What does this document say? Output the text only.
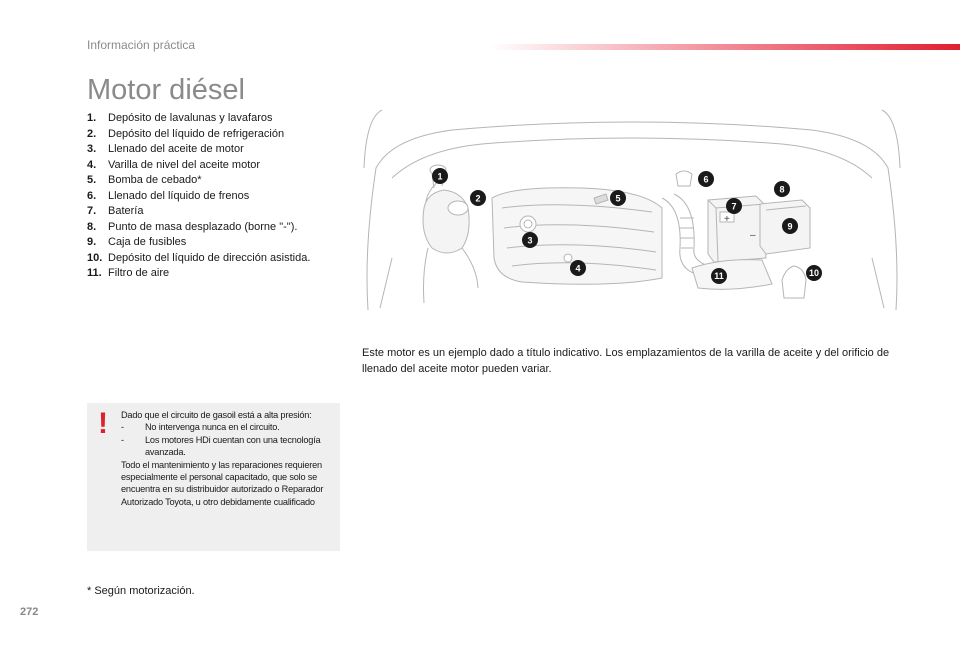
Información práctica
Motor diésel
1.	Depósito de lavalunas y lavafaros
2.	Depósito del líquido de refrigeración
3.	Llenado del aceite de motor
4.	Varilla de nivel del aceite motor
5.	Bomba de cebado*
6.	Llenado del líquido de frenos
7.	Batería
8.	Punto de masa desplazado (borne "-").
9.	Caja de fusibles
10. Depósito del líquido de dirección asistida.
11. Filtro de aire
+
–
1
2
3
4
5
6
7
8
9
10
11

Este motor es un ejemplo dado a título indicativo. Los emplazamientos de la varilla de aceite y del orificio de llenado del aceite motor pueden variar.

! Dado que el circuito de gasoil está a alta presión:
-	No intervenga nunca en el circuito.
-	Los motores HDi cuentan con una tecnología avanzada.
Todo el mantenimiento y las reparaciones requieren especialmente el personal capacitado, que solo se encuentra en su distribuidor autorizado o Reparador Autorizado Toyota, u otro debidamente cualificado
* Según motorización.
272
